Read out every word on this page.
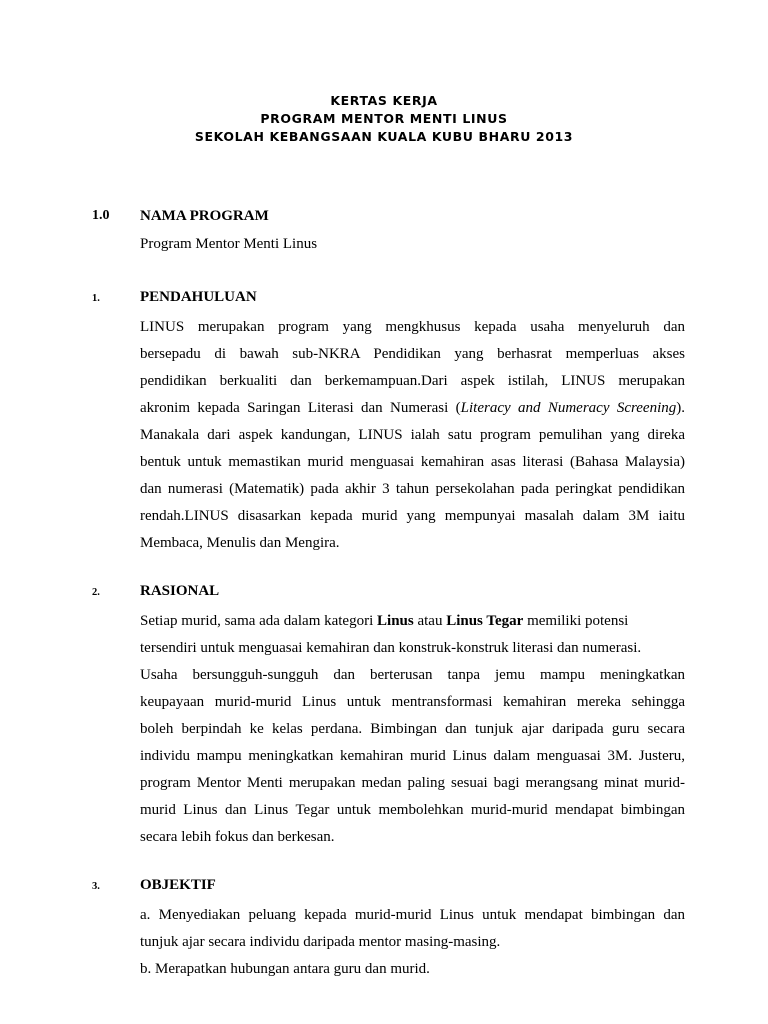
KERTAS KERJA
PROGRAM MENTOR MENTI LINUS
SEKOLAH KEBANGSAAN KUALA KUBU BHARU 2013
1.0 NAMA PROGRAM
Program Mentor Menti Linus
1.	PENDAHULUAN
LINUS merupakan program yang mengkhusus kepada usaha menyeluruh dan
bersepadu di bawah sub-NKRA Pendidikan yang berhasrat memperluas akses
pendidikan berkualiti dan berkemampuan.Dari aspek istilah, LINUS merupakan
akronim kepada Saringan Literasi dan Numerasi (Literacy and Numeracy Screening).
Manakala dari aspek kandungan, LINUS ialah satu program pemulihan yang direka
bentuk untuk memastikan murid menguasai kemahiran asas literasi (Bahasa Malaysia)
dan numerasi (Matematik) pada akhir 3 tahun persekolahan pada peringkat pendidikan
rendah.LINUS disasarkan kepada murid yang mempunyai masalah dalam 3M iaitu
Membaca, Menulis dan Mengira.
2.	RASIONAL
Setiap murid, sama ada dalam kategori Linus atau Linus Tegar memiliki potensi
tersendiri untuk menguasai kemahiran dan konstruk-konstruk literasi dan numerasi.
Usaha bersungguh-sungguh dan berterusan tanpa jemu mampu meningkatkan
keupayaan murid-murid Linus untuk mentransformasi kemahiran mereka sehingga
boleh berpindah ke kelas perdana. Bimbingan dan tunjuk ajar daripada guru secara
individu mampu meningkatkan kemahiran murid Linus dalam menguasai 3M. Justeru,
program Mentor Menti merupakan medan paling sesuai bagi merangsang minat murid-
murid Linus dan Linus Tegar untuk membolehkan murid-murid mendapat bimbingan
secara lebih fokus dan berkesan.
3.	OBJEKTIF
a. Menyediakan peluang kepada murid-murid Linus untuk mendapat bimbingan dan
tunjuk ajar secara individu daripada mentor masing-masing.
b. Merapatkan hubungan antara guru dan murid.
